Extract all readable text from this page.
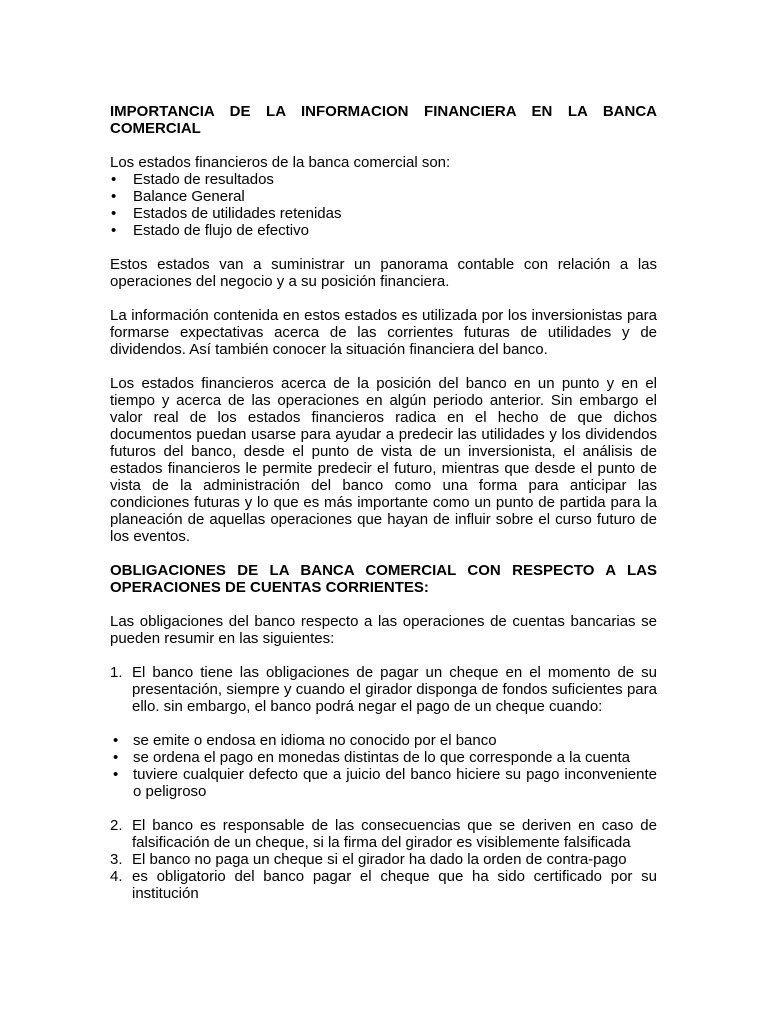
IMPORTANCIA DE LA INFORMACION FINANCIERA EN LA BANCA COMERCIAL

Los estados financieros de la banca comercial son:

• Estado de resultados
• Balance General
• Estados de utilidades retenidas
• Estado de flujo de efectivo

Estos estados van a suministrar un panorama contable con relación a las operaciones del negocio y a su posición financiera.

La información contenida en estos estados es utilizada por los inversionistas para formarse expectativas acerca de las corrientes futuras de utilidades y de dividendos. Así también conocer la situación financiera del banco.

Los estados financieros acerca de la posición del banco en un punto y en el tiempo y acerca de las operaciones en algún periodo anterior. Sin embargo el valor real de los estados financieros radica en el hecho de que dichos documentos puedan usarse para ayudar a predecir las utilidades y los dividendos futuros del banco, desde el punto de vista de un inversionista, el análisis de estados financieros le permite predecir el futuro, mientras que desde el punto de vista de la administración del banco como una forma para anticipar las condiciones futuras y lo que es más importante como un punto de partida para la planeación de aquellas operaciones que hayan de influir sobre el curso futuro de los eventos.

OBLIGACIONES DE LA BANCA COMERCIAL CON RESPECTO A LAS OPERACIONES DE CUENTAS CORRIENTES:

Las obligaciones del banco respecto a las operaciones de cuentas bancarias se pueden resumir en las siguientes:

1. El banco tiene las obligaciones de pagar un cheque en el momento de su presentación, siempre y cuando el girador disponga de fondos suficientes para ello. sin embargo, el banco podrá negar el pago de un cheque cuando:
• se emite o endosa en idioma no conocido por el banco
• se ordena el pago en monedas distintas de lo que corresponde a la cuenta
• tuviere cualquier defecto que a juicio del banco hiciere su pago inconveniente o peligroso
2. El banco es responsable de las consecuencias que se deriven en caso de falsificación de un cheque, si la firma del girador es visiblemente falsificada
3. El banco no paga un cheque si el girador ha dado la orden de contra-pago
4. es obligatorio del banco pagar el cheque que ha sido certificado por su institución
